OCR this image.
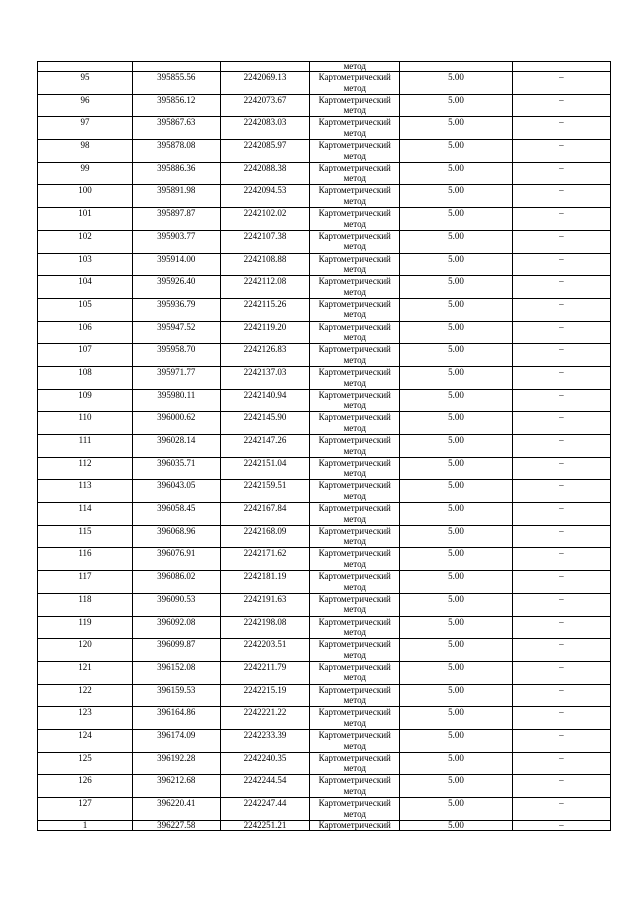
			метод		
95	395855.56	2242069.13	Картометрический метод	5.00	–
96	395856.12	2242073.67	Картометрический метод	5.00	–
97	395867.63	2242083.03	Картометрический метод	5.00	–
98	395878.08	2242085.97	Картометрический метод	5.00	–
99	395886.36	2242088.38	Картометрический метод	5.00	–
100	395891.98	2242094.53	Картометрический метод	5.00	–
101	395897.87	2242102.02	Картометрический метод	5.00	–
102	395903.77	2242107.38	Картометрический метод	5.00	–
103	395914.00	2242108.88	Картометрический метод	5.00	–
104	395926.40	2242112.08	Картометрический метод	5.00	–
105	395936.79	2242115.26	Картометрический метод	5.00	–
106	395947.52	2242119.20	Картометрический метод	5.00	–
107	395958.70	2242126.83	Картометрический метод	5.00	–
108	395971.77	2242137.03	Картометрический метод	5.00	–
109	395980.11	2242140.94	Картометрический метод	5.00	–
110	396000.62	2242145.90	Картометрический метод	5.00	–
111	396028.14	2242147.26	Картометрический метод	5.00	–
112	396035.71	2242151.04	Картометрический метод	5.00	–
113	396043.05	2242159.51	Картометрический метод	5.00	–
114	396058.45	2242167.84	Картометрический метод	5.00	–
115	396068.96	2242168.09	Картометрический метод	5.00	–
116	396076.91	2242171.62	Картометрический метод	5.00	–
117	396086.02	2242181.19	Картометрический метод	5.00	–
118	396090.53	2242191.63	Картометрический метод	5.00	–
119	396092.08	2242198.08	Картометрический метод	5.00	–
120	396099.87	2242203.51	Картометрический метод	5.00	–
121	396152.08	2242211.79	Картометрический метод	5.00	–
122	396159.53	2242215.19	Картометрический метод	5.00	–
123	396164.86	2242221.22	Картометрический метод	5.00	–
124	396174.09	2242233.39	Картометрический метод	5.00	–
125	396192.28	2242240.35	Картометрический метод	5.00	–
126	396212.68	2242244.54	Картометрический метод	5.00	–
127	396220.41	2242247.44	Картометрический метод	5.00	–
1	396227.58	2242251.21	Картометрический	5.00	–
